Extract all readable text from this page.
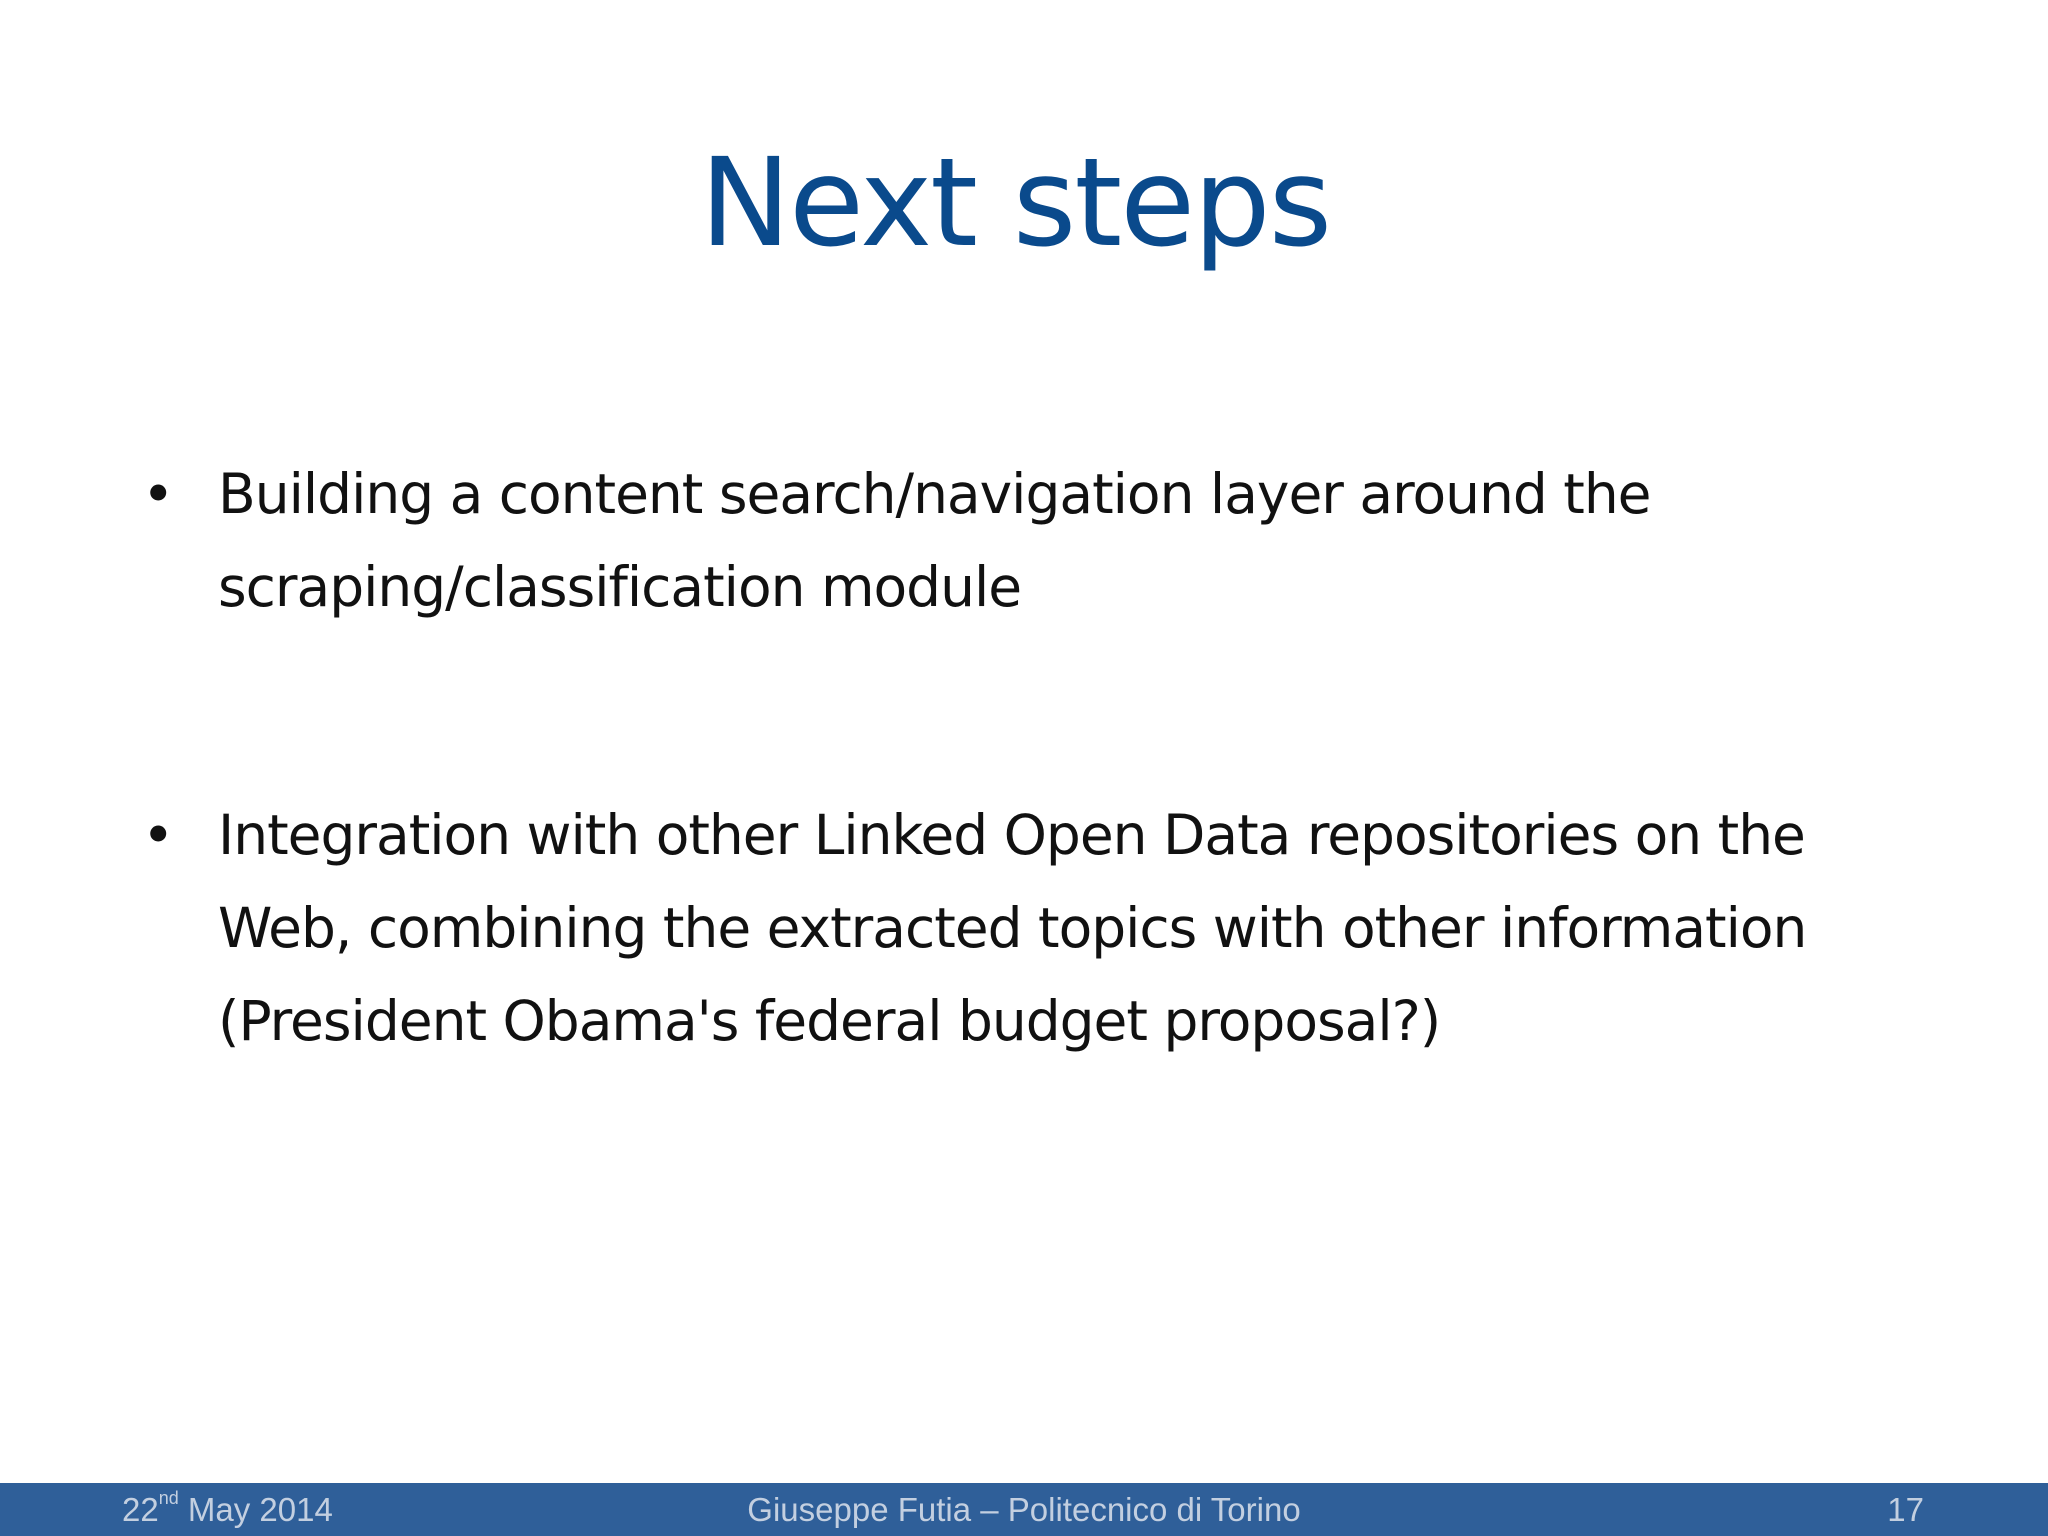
Next steps
• Building a content search/navigation layer around the scraping/classification module
• Integration with other Linked Open Data repositories on the Web, combining the extracted topics with other information (President Obama's federal budget proposal?)
22nd May 2014	Giuseppe Futia – Politecnico di Torino	17
